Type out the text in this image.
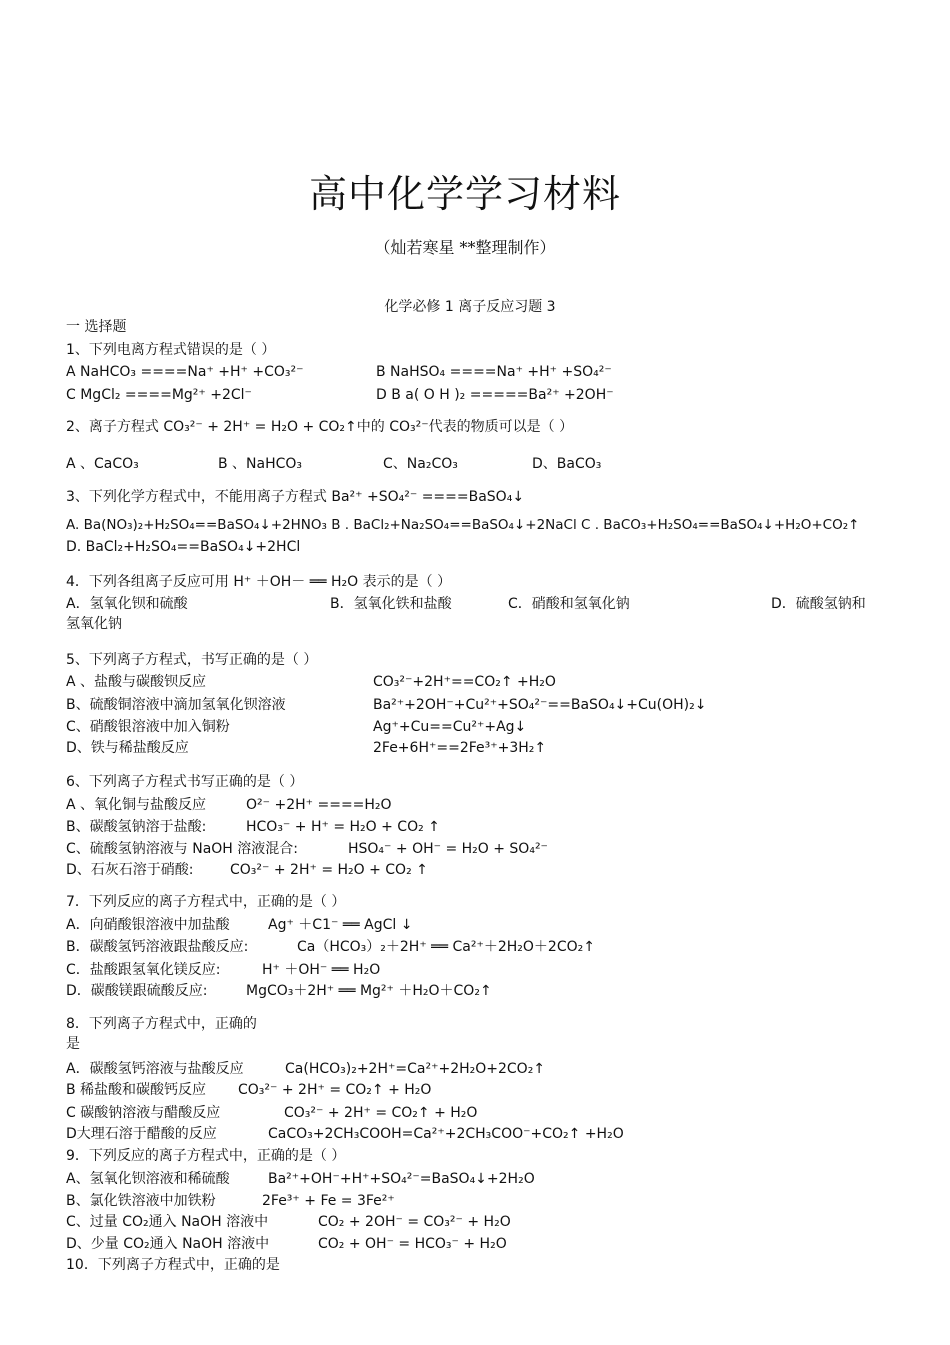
高中化学学习材料
（灿若寒星 **整理制作）
化学必修 1 离子反应习题 3
一 选择题
1、下列电离方程式错误的是（ ）
A NaHCO₃ ====Na⁺ +H⁺ +CO₃²⁻	B NaHSO₄ ====Na⁺ +H⁺ +SO₄²⁻
C MgCl₂ ====Mg²⁺ +2Cl⁻	D B a( O H )₂ =====Ba²⁺ +2OH⁻
2、离子方程式 CO₃²⁻ + 2H⁺ = H₂O + CO₂↑中的 CO₃²⁻代表的物质可以是（ ）
A 、CaCO₃	B 、NaHCO₃	C、Na₂CO₃	D、BaCO₃
3、下列化学方程式中，不能用离子方程式 Ba²⁺ +SO₄²⁻ ====BaSO₄↓
A. Ba(NO₃)₂+H₂SO₄==BaSO₄↓+2HNO₃ B . BaCl₂+Na₂SO₄==BaSO₄↓+2NaCl C . BaCO₃+H₂SO₄==BaSO₄↓+H₂O+CO₂↑
D. BaCl₂+H₂SO₄==BaSO₄↓+2HCl
4．下列各组离子反应可用 H⁺ ＋OH－ ══ H₂O 表示的是（ ）
A．氢氧化钡和硫酸	B．氢氧化铁和盐酸	C．硝酸和氢氧化钠	D．硫酸氢钠和
氢氧化钠
5、下列离子方程式，书写正确的是（ ）
A 、盐酸与碳酸钡反应	CO₃²⁻+2H⁺==CO₂↑ +H₂O
B、硫酸铜溶液中滴加氢氧化钡溶液	Ba²⁺+2OH⁻+Cu²⁺+SO₄²⁻==BaSO₄↓+Cu(OH)₂↓
C、硝酸银溶液中加入铜粉	Ag⁺+Cu==Cu²⁺+Ag↓
D、铁与稀盐酸反应	2Fe+6H⁺==2Fe³⁺+3H₂↑
6、下列离子方程式书写正确的是（ ）
A 、氧化铜与盐酸反应	O²⁻ +2H⁺ ====H₂O
B、碳酸氢钠溶于盐酸:	HCO₃⁻ + H⁺ = H₂O + CO₂ ↑
C、硫酸氢钠溶液与 NaOH 溶液混合:	HSO₄⁻ + OH⁻ = H₂O + SO₄²⁻
D、石灰石溶于硝酸:	CO₃²⁻ + 2H⁺ = H₂O + CO₂ ↑
7．下列反应的离子方程式中，正确的是（ ）
A．向硝酸银溶液中加盐酸	Ag⁺ ＋C1⁻ ══ AgCl ↓
B．碳酸氢钙溶液跟盐酸反应:	Ca（HCO₃）₂＋2H⁺ ══ Ca²⁺＋2H₂O＋2CO₂↑
C．盐酸跟氢氧化镁反应:	H⁺ ＋OH⁻ ══ H₂O
D．碳酸镁跟硫酸反应:	MgCO₃＋2H⁺ ══ Mg²⁺ ＋H₂O＋CO₂↑
8．下列离子方程式中，正确的
是
A．碳酸氢钙溶液与盐酸反应	Ca(HCO₃)₂+2H⁺=Ca²⁺+2H₂O+2CO₂↑
B 稀盐酸和碳酸钙反应 CO₃²⁻ + 2H⁺ = CO₂↑ + H₂O
C 碳酸钠溶液与醋酸反应	CO₃²⁻ + 2H⁺ = CO₂↑ + H₂O
D大理石溶于醋酸的反应	CaCO₃+2CH₃COOH=Ca²⁺+2CH₃COO⁻+CO₂↑ +H₂O
9．下列反应的离子方程式中，正确的是（ ）
A、氢氧化钡溶液和稀硫酸	Ba²⁺+OH⁻+H⁺+SO₄²⁻=BaSO₄↓+2H₂O
B、氯化铁溶液中加铁粉	2Fe³⁺ + Fe = 3Fe²⁺
C、过量 CO₂通入 NaOH 溶液中	CO₂ + 2OH⁻ = CO₃²⁻ + H₂O
D、少量 CO₂通入 NaOH 溶液中	CO₂ + OH⁻ = HCO₃⁻ + H₂O
10．下列离子方程式中，正确的是
